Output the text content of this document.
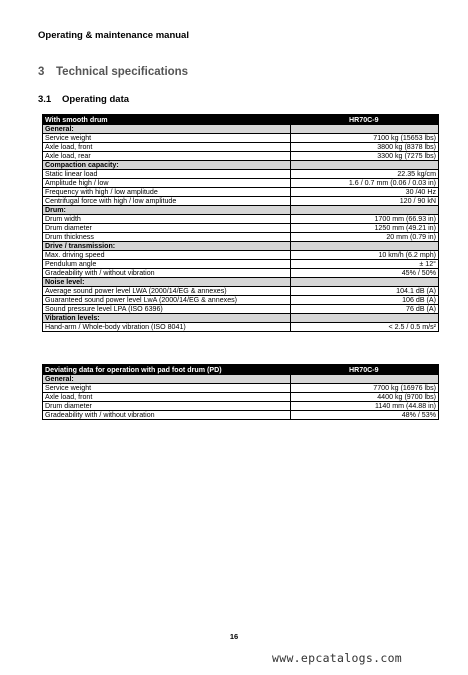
Operating & maintenance manual
3 Technical specifications
3.1 Operating data
With smooth drum	HR70C-9
General:	
Service weight	7100 kg (15653 lbs)
Axle load, front	3800 kg (8378 lbs)
Axle load, rear	3300 kg (7275 lbs)
Compaction capacity:	
Static linear load	22.35 kg/cm
Amplitude high / low	1.6 / 0.7 mm (0.06 / 0.03 in)
Frequency with high / low amplitude	30 /40 Hz
Centrifugal force with high / low amplitude	120 / 90 kN
Drum:	
Drum width	1700 mm (66.93 in)
Drum diameter	1250 mm (49.21 in)
Drum thickness	20 mm (0.79 in)
Drive / transmission:	
Max. driving speed	10 km/h (6.2 mph)
Pendulum angle	± 12°
Gradeability with / without vibration	45% / 50%
Noise level:	
Average sound power level LWA (2000/14/EG & annexes)	104.1 dB (A)
Guaranteed sound power level LwA (2000/14/EG & annexes)	106 dB (A)
Sound pressure level LPA (ISO 6396)	76 dB (A)
Vibration levels:	
Hand-arm / Whole-body vibration (ISO 8041)	< 2.5 / 0.5 m/s²
Deviating data for operation with pad foot drum (PD)	HR70C-9
General:	
Service weight	7700 kg (16976 lbs)
Axle load, front	4400 kg (9700 lbs)
Drum diameter	1140 mm (44.88 in)
Gradeability with / without vibration	48% / 53%
16
www.epcatalogs.com
